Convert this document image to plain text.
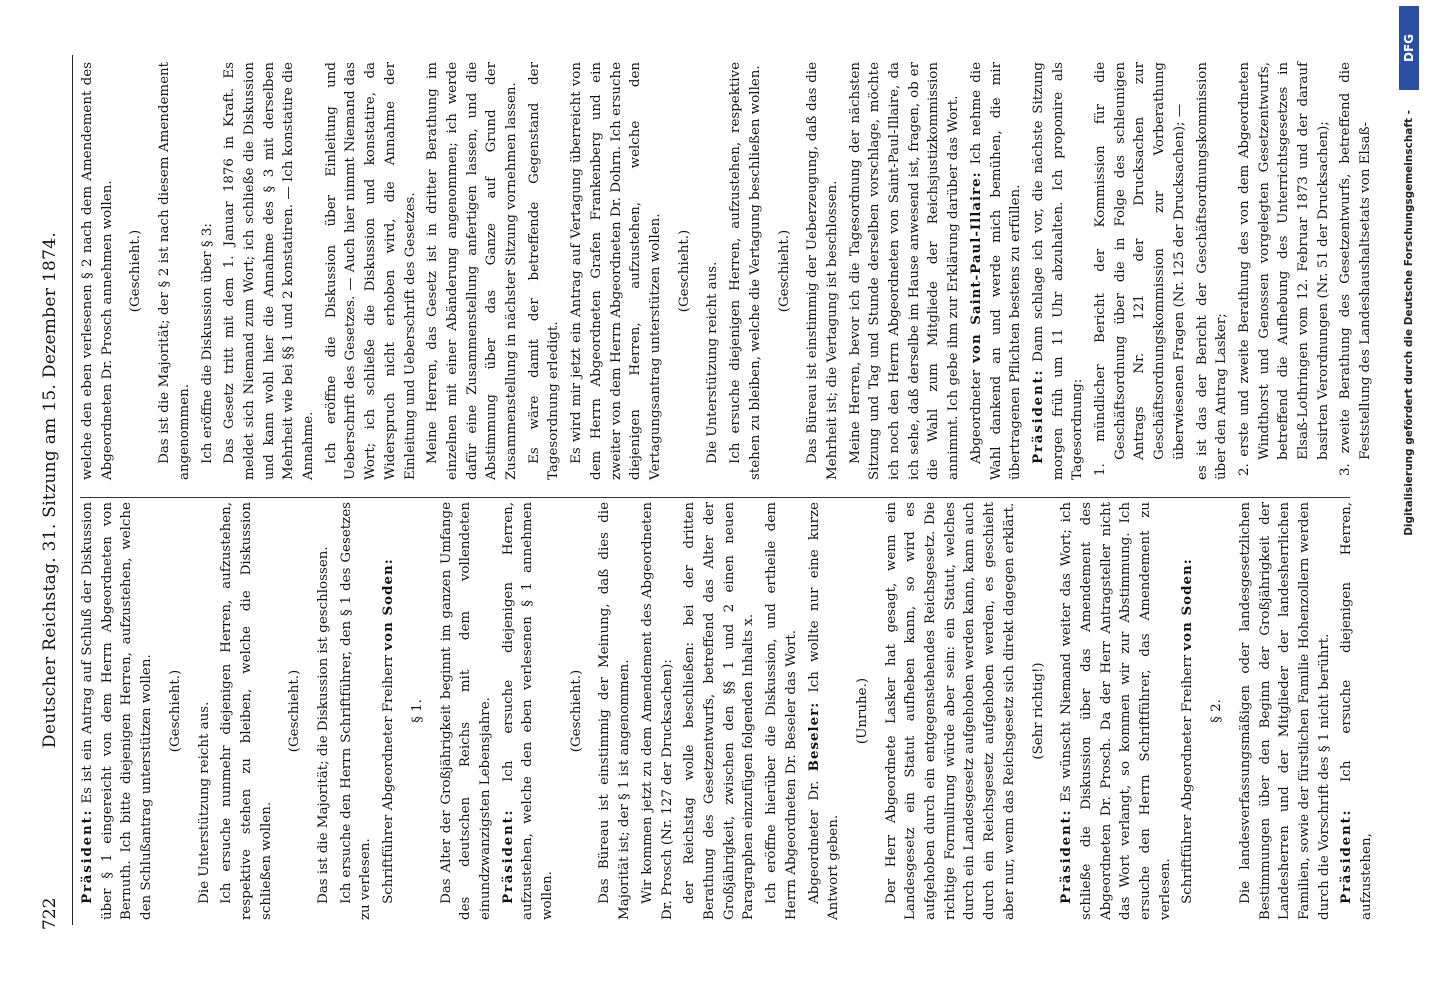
722
Deutscher Reichstag. 31. Sitzung am 15. Dezember 1874.

Präsident: Es ist ein Antrag auf Schluß der Diskussion über § 1 eingereicht von dem Herrn Abgeordneten von Bernuth. Ich bitte diejenigen Herren, aufzustehen, welche den Schlußantrag unterstützen wollen. (Geschieht.) Die Unterstützung reicht aus. Ich ersuche nunmehr diejenigen Herren, aufzustehen, respektive stehen zu bleiben, welche die Diskussion schließen wollen.

(Geschieht.) Das ist die Majorität; die Diskussion ist geschlossen. Ich ersuche den Herrn Schriftführer, den § 1 des Gesetzes zu verlesen. Schriftführer Abgeordneter Freiherr von Soden:

§ 1. Das Alter der Großjährigkeit beginnt im ganzen Umfange des deutschen Reichs mit dem vollendeten einundzwanzigsten Lebensjahre. Präsident: Ich ersuche diejenigen Herren, aufzustehen, welche den eben verlesenen § 1 annehmen wollen.

(Geschieht.) Das Büreau ist einstimmig der Meinung, daß dies die Majorität ist; der § 1 ist angenommen. Wir kommen jetzt zu dem Amendement des Abgeordneten Dr. Prosch (Nr. 127 der Drucksachen): der Reichstag wolle beschließen: bei der dritten Berathung des Gesetzentwurfs, betreffend das Alter der Großjährigkeit, zwischen den §§ 1 und 2 einen neuen Paragraphen einzufügen folgenden Inhalts x. Ich eröffne hierüber die Diskussion, und ertheile dem Herrn Abgeordneten Dr. Beseler das Wort. Abgeordneter Dr. Beseler: Ich wollte nur eine kurze Antwort geben.

(Unruhe.) Der Herr Abgeordnete Lasker hat gesagt, wenn ein Landesgesetz ein Statut aufheben kann, so wird es aufgehoben durch ein entgegenstehendes Reichsgesetz. Die richtige Formulirung würde aber sein: ein Statut, welches durch ein Landesgesetz aufgehoben werden kann, kann auch durch ein Reichsgesetz aufgehoben werden, es geschieht aber nur, wenn das Reichsgesetz sich direkt dagegen erklärt. (Sehr richtig!)

Präsident: Es wünscht Niemand weiter das Wort; ich schließe die Diskussion über das Amendement des Abgeordneten Dr. Prosch. Da der Herr Antragsteller nicht das Wort verlangt, so kommen wir zur Abstimmung. Ich ersuche den Herrn Schriftführer, das Amendement zu verlesen. Schriftführer Abgeordneter Freiherr von Soden:

§ 2. Die landesverfassungsmäßigen oder landesgesetzlichen Bestimmungen über den Beginn der Großjährigkeit der Landesherren und der Mitglieder der landesherrlichen Familien, sowie der fürstlichen Familie Hohenzollern werden durch die Vorschrift des § 1 nicht berührt. Präsident: Ich ersuche diejenigen Herren, aufzustehen,

welche den eben verlesenen § 2 nach dem Amendement des Abgeordneten Dr. Prosch annehmen wollen. (Geschieht.) Das ist die Majorität; der § 2 ist nach diesem Amendement angenommen. Ich eröffne die Diskussion über § 3: Das Gesetz tritt mit dem 1. Januar 1876 in Kraft. Es meldet sich Niemand zum Wort; ich schließe die Diskussion und kann wohl hier die Annahme des § 3 mit derselben Mehrheit wie bei §§ 1 und 2 konstatiren. — Ich konstatire die Annahme. Ich eröffne die Diskussion über Einleitung und Ueberschrift des Gesetzes. — Auch hier nimmt Niemand das Wort; ich schließe die Diskussion und konstatire, da Widerspruch nicht erhoben wird, die Annahme der Einleitung und Ueberschrift des Gesetzes. Meine Herren, das Gesetz ist in dritter Berathung im einzelnen mit einer Abänderung angenommen; ich werde dafür eine Zusammenstellung anfertigen lassen, und die Abstimmung über das Ganze auf Grund der Zusammenstellung in nächster Sitzung vornehmen lassen. Es wäre damit der betreffende Gegenstand der Tagesordnung erledigt. Es wird mir jetzt ein Antrag auf Vertagung überreicht von dem Herrn Abgeordneten Grafen Frankenberg und ein zweiter von dem Herrn Abgeordneten Dr. Dohrn. Ich ersuche diejenigen Herren, aufzustehen, welche den Vertagungsantrag unterstützen wollen. (Geschieht.) Die Unterstützung reicht aus. Ich ersuche diejenigen Herren, aufzustehen, respektive stehen zu bleiben, welche die Vertagung beschließen wollen. (Geschieht.) Das Büreau ist einstimmig der Ueberzeugung, daß das die Mehrheit ist; die Vertagung ist beschlossen. Meine Herren, bevor ich die Tagesordnung der nächsten Sitzung und Tag und Stunde derselben vorschlage, möchte ich noch den Herrn Abgeordneten von Saint-Paul-Illaire, da ich sehe, daß derselbe im Hause anwesend ist, fragen, ob er die Wahl zum Mitgliede der Reichsjustizkommission annimmt. Ich gebe ihm zur Erklärung darüber das Wort. Abgeordneter von Saint-Paul-Illaire: Ich nehme die Wahl dankend an und werde mich bemühen, die mir übertragenen Pflichten bestens zu erfüllen. Präsident: Dann schlage ich vor, die nächste Sitzung morgen früh um 11 Uhr abzuhalten. Ich proponire als Tagesordnung: 1. mündlicher Bericht der Kommission für die Geschäftsordnung über die in Folge des schleunigen Antrags Nr. 121 der Drucksachen zur Geschäftsordnungskommission zur Vorberathung überwiesenen Fragen (Nr. 125 der Drucksachen); — es ist das der Bericht der Geschäftsordnungskommission über den Antrag Lasker; 2. erste und zweite Berathung des von dem Abgeordneten Windthorst und Genossen vorgelegten Gesetzentwurfs, betreffend die Aufhebung des Unterrichtsgesetzes in Elsaß-Lothringen vom 12. Februar 1873 und der darauf basirten Verordnungen (Nr. 51 der Drucksachen); 3. zweite Berathung des Gesetzentwurfs, betreffend die Feststellung des Landeshaushaltsetats von Elsaß-	Digitalisierung gefördert durch die Deutsche Forschungsgemeinschaft -
DFG
